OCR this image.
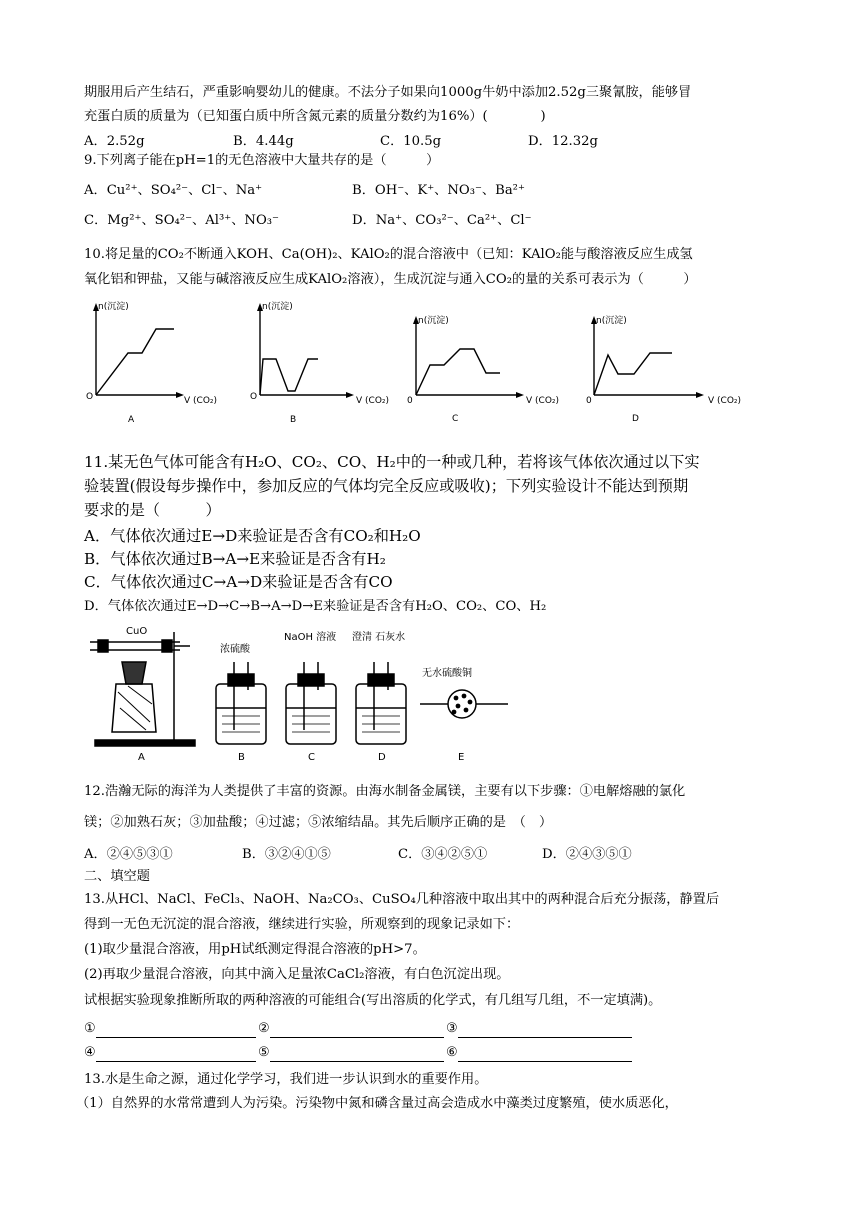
期服用后产生结石，严重影响婴幼儿的健康。不法分子如果向1000g牛奶中添加2.52g三聚氰胺，能够冒
充蛋白质的质量为（已知蛋白质中所含氮元素的质量分数约为16%）(　　　　)
A．2.52g	B．4.44g	C．10.5g	D．12.32g
9.下列离子能在pH=1的无色溶液中大量共存的是（　　　）
A．Cu²⁺、SO₄²⁻、Cl⁻、Na⁺	B．OH⁻、K⁺、NO₃⁻、Ba²⁺
C．Mg²⁺、SO₄²⁻、Al³⁺、NO₃⁻	D．Na⁺、CO₃²⁻、Ca²⁺、Cl⁻
10.将足量的CO₂不断通入KOH、Ca(OH)₂、KAlO₂的混合溶液中（已知：KAlO₂能与酸溶液反应生成氢
氧化铝和钾盐，又能与碱溶液反应生成KAlO₂溶液），生成沉淀与通入CO₂的量的关系可表示为（　　　）
n(沉淀)
O	V (CO₂)
A
n(沉淀)
O	V (CO₂)
B
n(沉淀)
0	V (CO₂)
C
n(沉淀)
0	V (CO₂)
D
11.某无色气体可能含有H₂O、CO₂、CO、H₂中的一种或几种，若将该气体依次通过以下实
验装置(假设每步操作中，参加反应的气体均完全反应或吸收)；下列实验设计不能达到预期
要求的是（　　　）
A．气体依次通过E→D来验证是否含有CO₂和H₂O
B．气体依次通过B→A→E来验证是否含有H₂
C．气体依次通过C→A→D来验证是否含有CO
D．气体依次通过E→D→C→B→A→D→E来验证是否含有H₂O、CO₂、CO、H₂
CuO
A
浓硫酸
B
NaOH 溶液
C
澄清 石灰水
D
无水硫酸铜
E
12.浩瀚无际的海洋为人类提供了丰富的资源。由海水制备金属镁，主要有以下步骤：①电解熔融的氯化
镁；②加熟石灰；③加盐酸；④过滤；⑤浓缩结晶。其先后顺序正确的是　（　）
A．②④⑤③①	B．③②④①⑤	C．③④②⑤①	D．②④③⑤①
二、填空题
13.从HCl、NaCl、FeCl₃、NaOH、Na₂CO₃、CuSO₄几种溶液中取出其中的两种混合后充分振荡，静置后
得到一无色无沉淀的混合溶液，继续进行实验，所观察到的现象记录如下：
(1)取少量混合溶液，用pH试纸测定得混合溶液的pH>7。
(2)再取少量混合溶液，向其中滴入足量浓CaCl₂溶液，有白色沉淀出现。
试根据实验现象推断所取的两种溶液的可能组合(写出溶质的化学式，有几组写几组，不一定填满)。
①	②	③
④	⑤	⑥
13.水是生命之源，通过化学学习，我们进一步认识到水的重要作用。
（1）自然界的水常常遭到人为污染。污染物中氮和磷含量过高会造成水中藻类过度繁殖，使水质恶化，
